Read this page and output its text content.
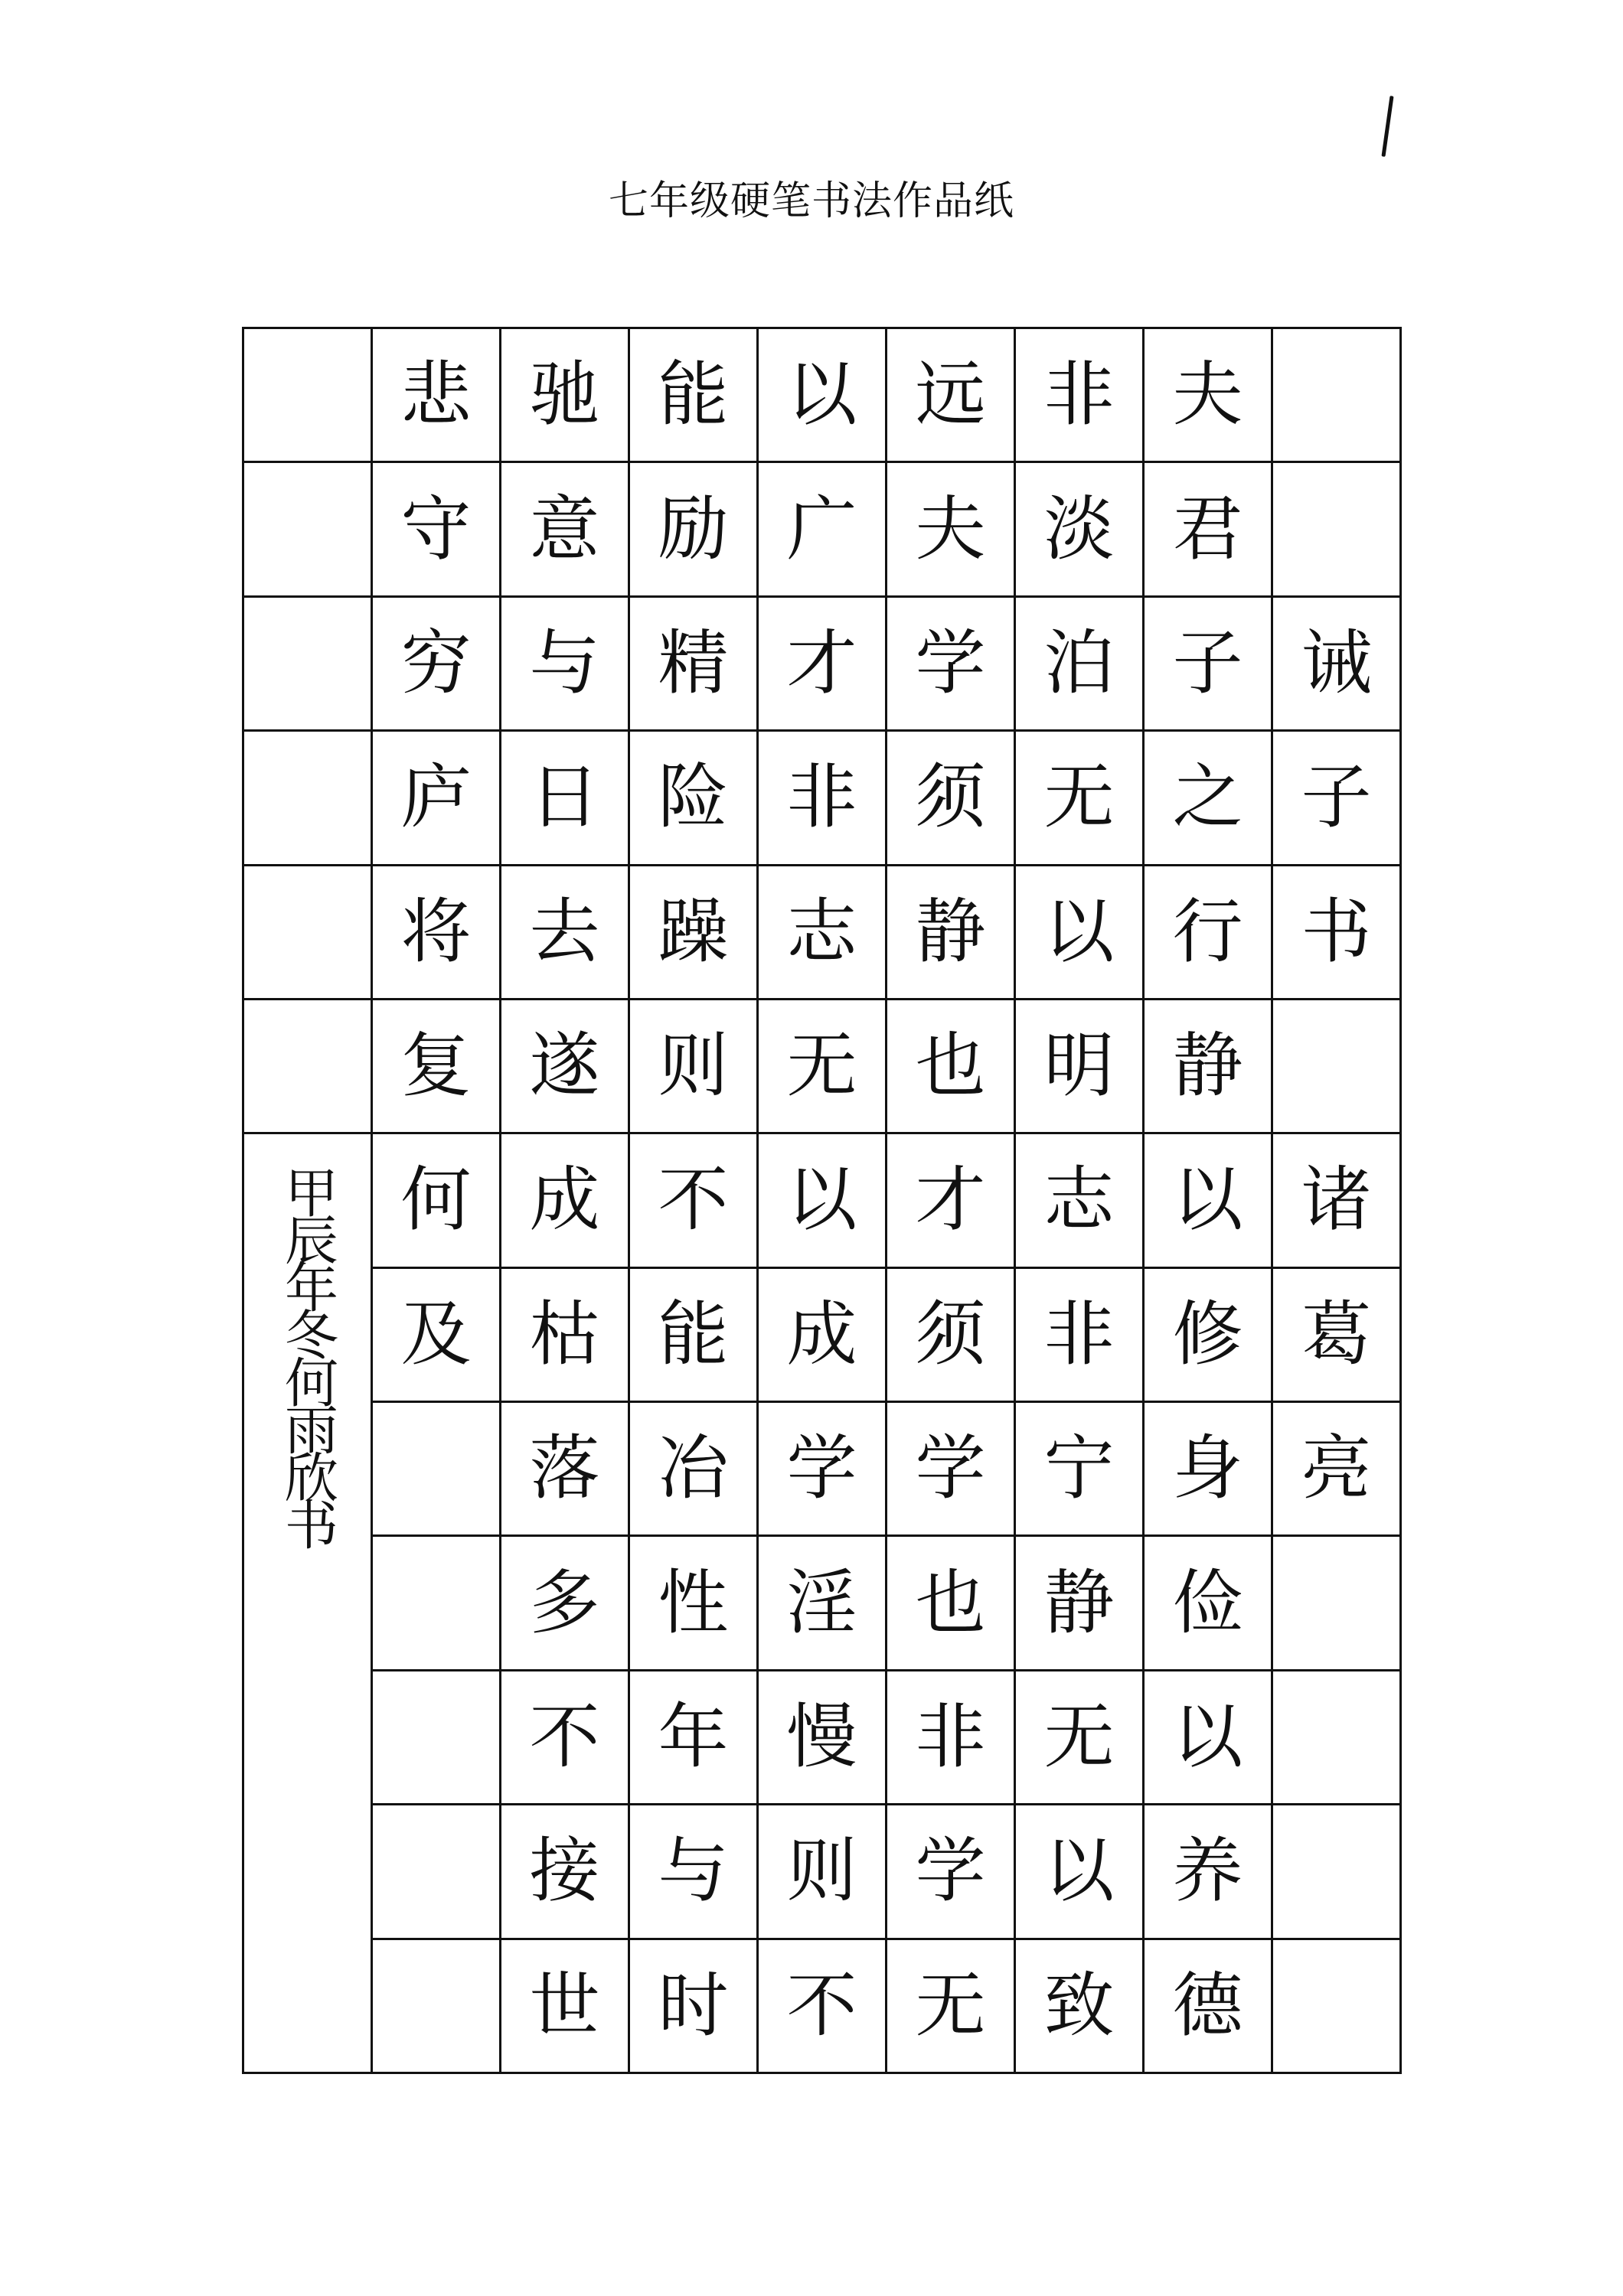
七年级硬笔书法作品纸
悲 驰 能 以 远 非 夫
守 意 励 广 夫 淡 君
穷 与 精 才 学 泊 子 诫
庐 日 险 非 须 无 之 子
将 去 躁 志 静 以 行 书
复 遂 则 无 也 明 静
甲辰年冬何雨欣书 何 成 不 以 才 志 以 诸
及 枯 能 成 须 非 修 葛
落 冶 学 学 宁 身 亮
多 性 淫 也 静 俭
不 年 慢 非 无 以
接 与 则 学 以 养
世 时 不 无 致 德
